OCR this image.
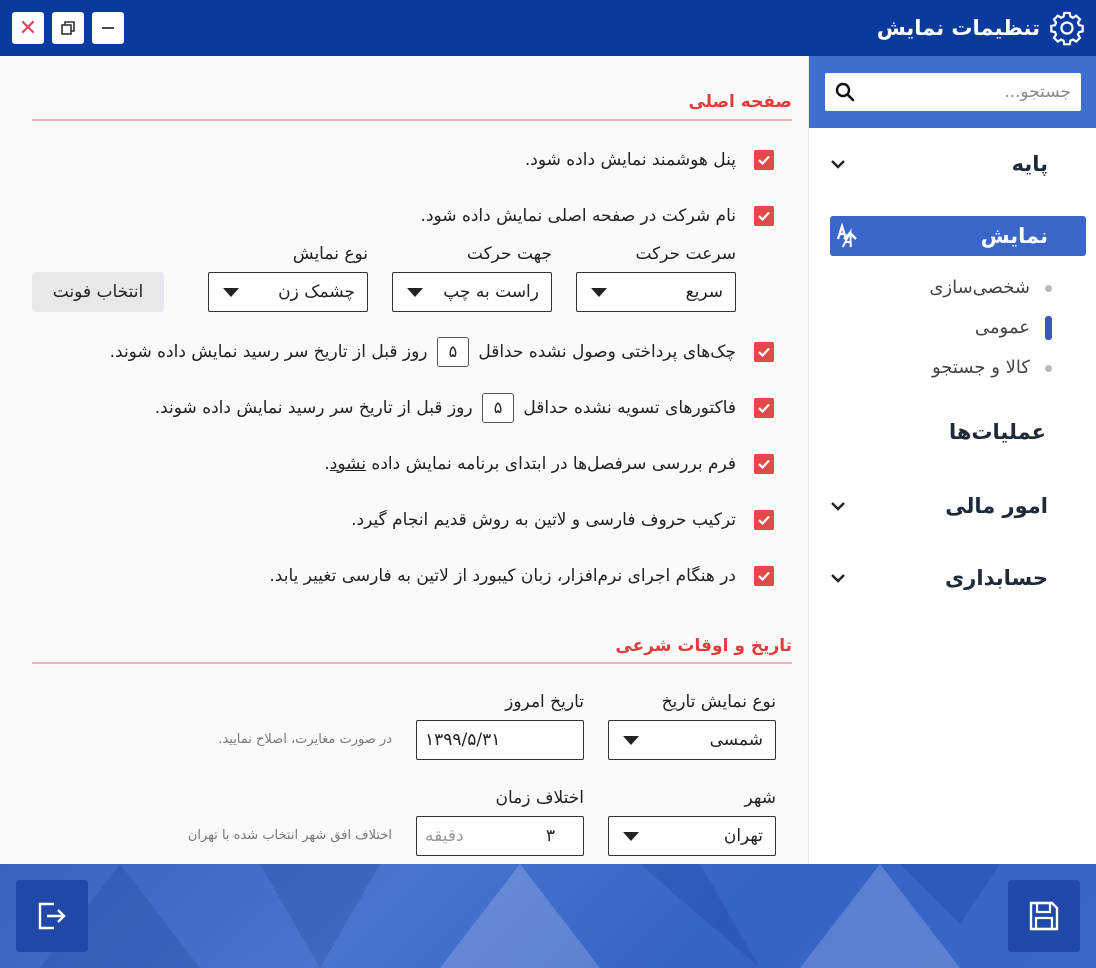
✕	تنظیمات نمایش
جستجو...
پایه
نمایش
شخصی‌سازی
عمومی
کالا و جستجو
عملیات‌ها
امور مالی
حسابداری
صفحه اصلی
پنل هوشمند نمایش داده شود.
نام شرکت در صفحه اصلی نمایش داده شود.
سرعت حرکت
سریع
جهت حرکت
راست به چپ
نوع نمایش
چشمک زن
انتخاب فونت
چک‌های پرداختی وصول نشده حداقل ۵ روز قبل از تاریخ سر رسید نمایش داده شوند.
فاکتورهای تسویه نشده حداقل ۵ روز قبل از تاریخ سر رسید نمایش داده شوند.
فرم بررسی سرفصل‌ها در ابتدای برنامه نمایش داده نشود.
ترکیب حروف فارسی و لاتین به روش قدیم انجام گیرد.
در هنگام اجرای نرم‌افزار، زبان کیبورد از لاتین به فارسی تغییر یابد.
تاریخ و اوقات شرعی
نوع نمایش تاریخ
شمسی
تاریخ امروز
۱۳۹۹/۵/۳۱
در صورت مغایرت، اصلاح نمایید.
شهر
تهران
اختلاف زمان
۳
دقیقه
اختلاف افق شهر انتخاب شده با تهران
